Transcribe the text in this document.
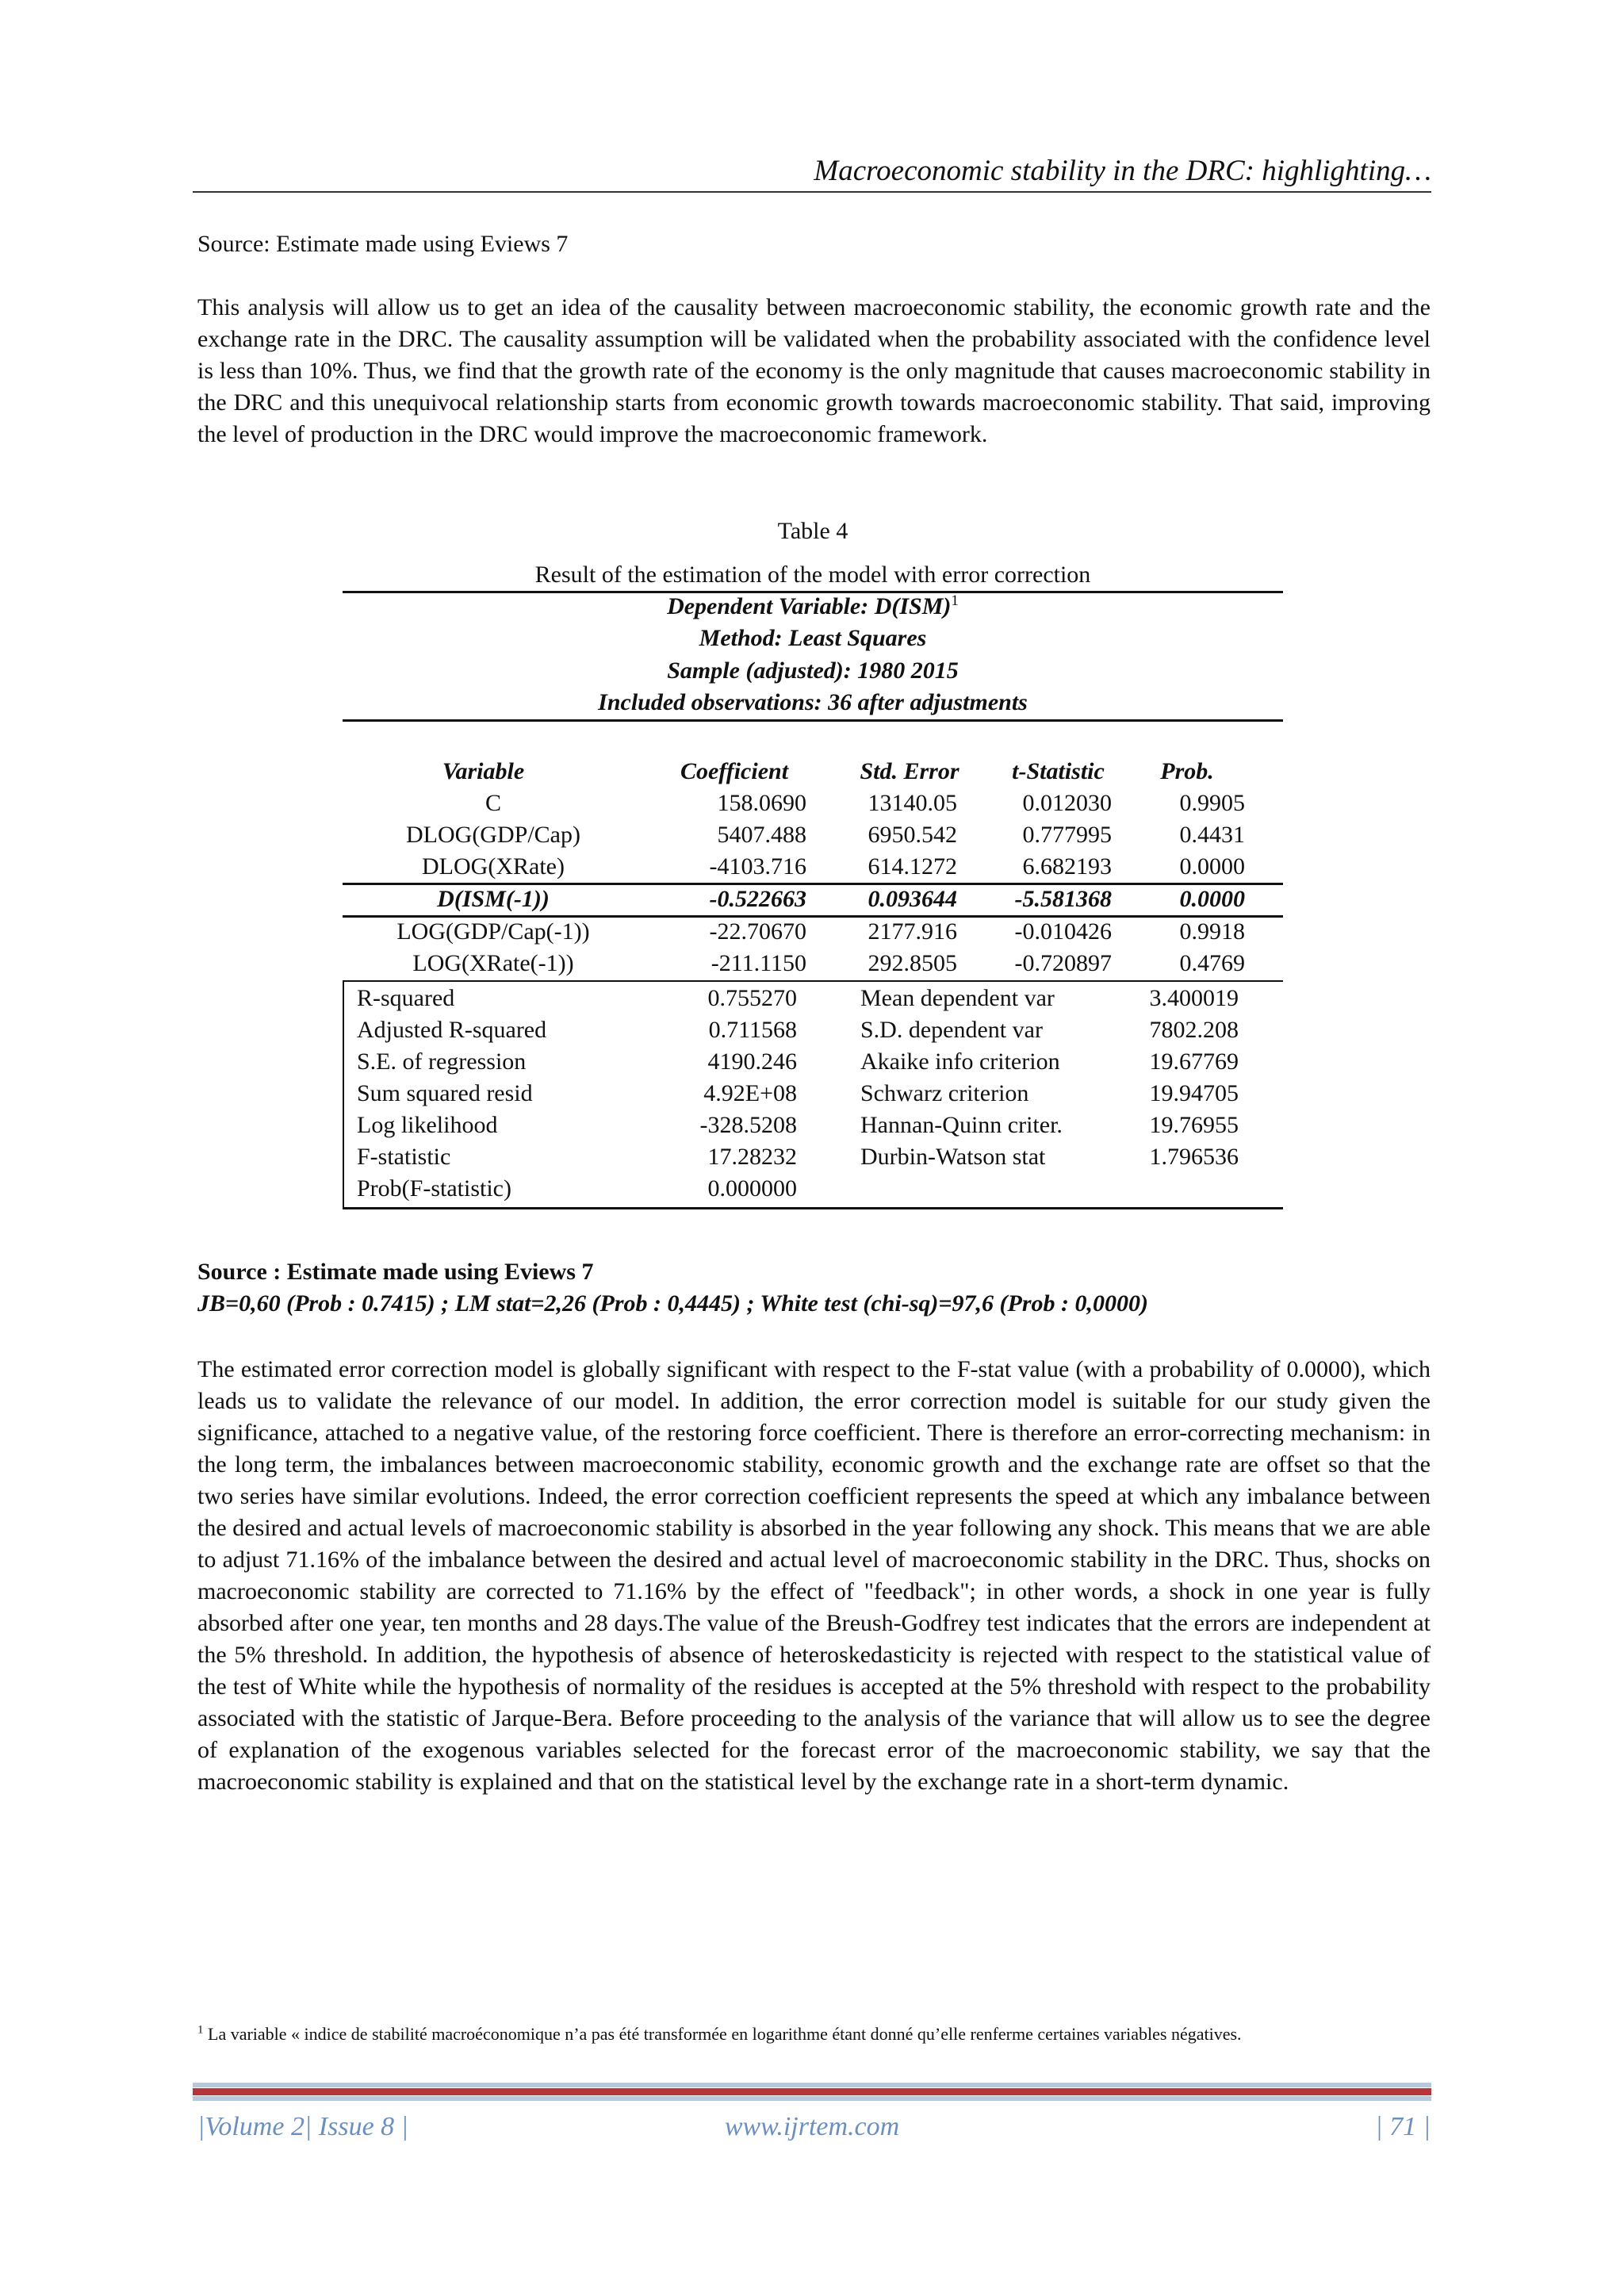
Macroeconomic stability in the DRC: highlighting…
Source: Estimate made using Eviews 7
This analysis will allow us to get an idea of the causality between macroeconomic stability, the economic growth rate and the exchange rate in the DRC. The causality assumption will be validated when the probability associated with the confidence level is less than 10%. Thus, we find that the growth rate of the economy is the only magnitude that causes macroeconomic stability in the DRC and this unequivocal relationship starts from economic growth towards macroeconomic stability. That said, improving the level of production in the DRC would improve the macroeconomic framework.
Table 4
Result of the estimation of the model with error correction
Dependent Variable: D(ISM)$^1$
Method: Least Squares
Sample (adjusted): 1980 2015
Included observations: 36 after adjustments
Variable	Coefficient	Std. Error	t-Statistic	Prob.
C	158.0690	13140.05	0.012030	0.9905
DLOG(GDP/Cap)	5407.488	6950.542	0.777995	0.4431
DLOG(XRate)	-4103.716	614.1272	6.682193	0.0000
D(ISM(-1))	-0.522663	0.093644	-5.581368	0.0000
LOG(GDP/Cap(-1))	-22.70670	2177.916	-0.010426	0.9918
LOG(XRate(-1))	-211.1150	292.8505	-0.720897	0.4769
R-squared	0.755270	Mean dependent var	3.400019
Adjusted R-squared	0.711568	S.D. dependent var	7802.208
S.E. of regression	4190.246	Akaike info criterion	19.67769
Sum squared resid	4.92E+08	Schwarz criterion	19.94705
Log likelihood	-328.5208	Hannan-Quinn criter.	19.76955
F-statistic	17.28232	Durbin-Watson stat	1.796536
Prob(F-statistic)	0.000000
Source : Estimate made using Eviews 7
JB=0,60 (Prob : 0.7415) ; LM stat=2,26 (Prob : 0,4445) ; White test (chi-sq)=97,6 (Prob : 0,0000)
The estimated error correction model is globally significant with respect to the F-stat value (with a probability of 0.0000), which leads us to validate the relevance of our model. In addition, the error correction model is suitable for our study given the significance, attached to a negative value, of the restoring force coefficient. There is therefore an error-correcting mechanism: in the long term, the imbalances between macroeconomic stability, economic growth and the exchange rate are offset so that the two series have similar evolutions. Indeed, the error correction coefficient represents the speed at which any imbalance between the desired and actual levels of macroeconomic stability is absorbed in the year following any shock. This means that we are able to adjust 71.16% of the imbalance between the desired and actual level of macroeconomic stability in the DRC. Thus, shocks on macroeconomic stability are corrected to 71.16% by the effect of "feedback"; in other words, a shock in one year is fully absorbed after one year, ten months and 28 days.The value of the Breush-Godfrey test indicates that the errors are independent at the 5% threshold. In addition, the hypothesis of absence of heteroskedasticity is rejected with respect to the statistical value of the test of White while the hypothesis of normality of the residues is accepted at the 5% threshold with respect to the probability associated with the statistic of Jarque-Bera. Before proceeding to the analysis of the variance that will allow us to see the degree of explanation of the exogenous variables selected for the forecast error of the macroeconomic stability, we say that the macroeconomic stability is explained and that on the statistical level by the exchange rate in a short-term dynamic.
$^1$ La variable « indice de stabilité macroéconomique n’a pas été transformée en logarithme étant donné qu’elle renferme certaines variables négatives.
|Volume 2| Issue 8 |	www.ijrtem.com	| 71 |
